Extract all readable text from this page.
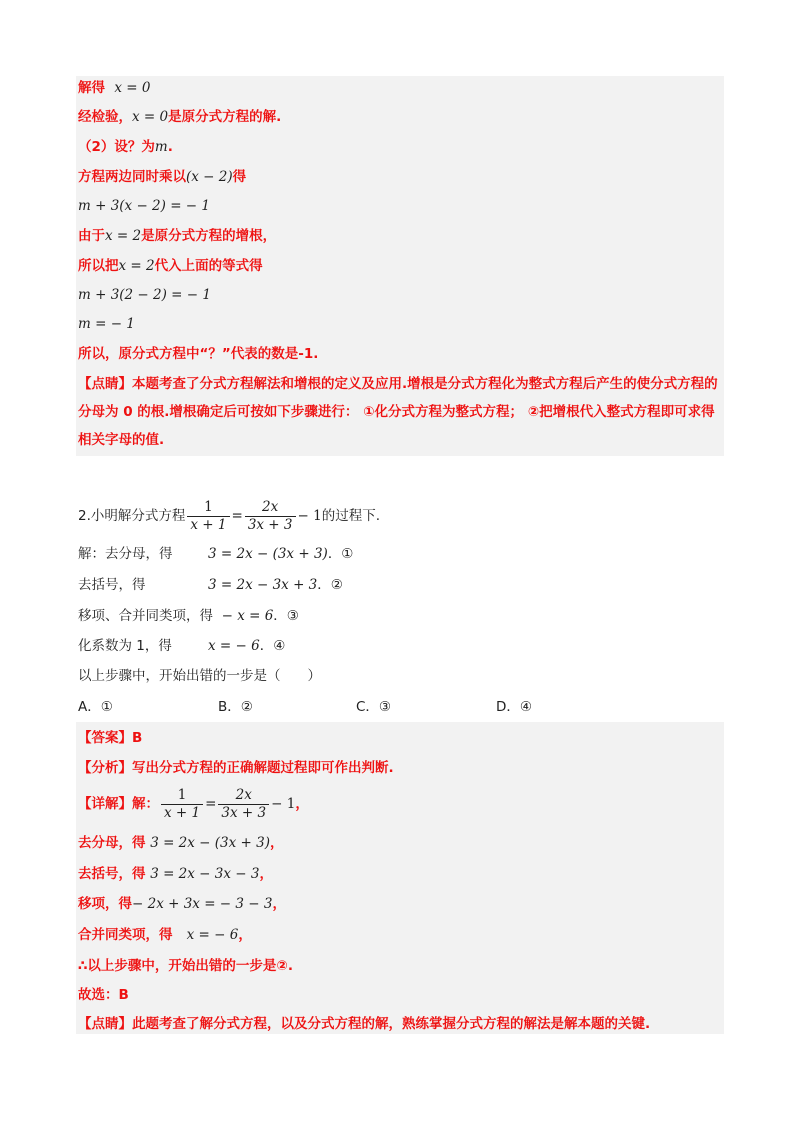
解得 x = 0
经检验，x = 0是原分式方程的解.
（2）设？为m.
方程两边同时乘以(x − 2)得
m + 3(x − 2) = − 1
由于x = 2是原分式方程的增根，
所以把x = 2代入上面的等式得
m + 3(2 − 2) = − 1
m = − 1
所以，原分式方程中“？”代表的数是-1.
【点睛】本题考查了分式方程解法和增根的定义及应用.增根是分式方程化为整式方程后产生的使分式方程的分母为 0 的根.增根确定后可按如下步骤进行： ①化分式方程为整式方程； ②把增根代入整式方程即可求得相关字母的值.
2.小明解分式方程 $\frac{1}{x + 1} = \frac{2x}{3x + 3} - 1$的过程下.
解：去分母，得	3 = 2x − (3x + 3)．①
去括号，得	3 = 2x − 3x + 3．②
移项、合并同类项，得 − x = 6．③
化系数为 1，得	x = − 6．④
以上步骤中，开始出错的一步是（　　）
A．①	B．②	C．③	D．④
【答案】B
【分析】写出分式方程的正确解题过程即可作出判断.
【详解】解： $\frac{1}{x + 1} = \frac{2x}{3x + 3} - 1$，
去分母，得 3 = 2x − (3x + 3)，
去括号，得 3 = 2x − 3x − 3，
移项，得− 2x + 3x = − 3 − 3，
合并同类项，得 x = − 6，
∴以上步骤中，开始出错的一步是②.
故选：B
【点睛】此题考查了解分式方程，以及分式方程的解，熟练掌握分式方程的解法是解本题的关键.
